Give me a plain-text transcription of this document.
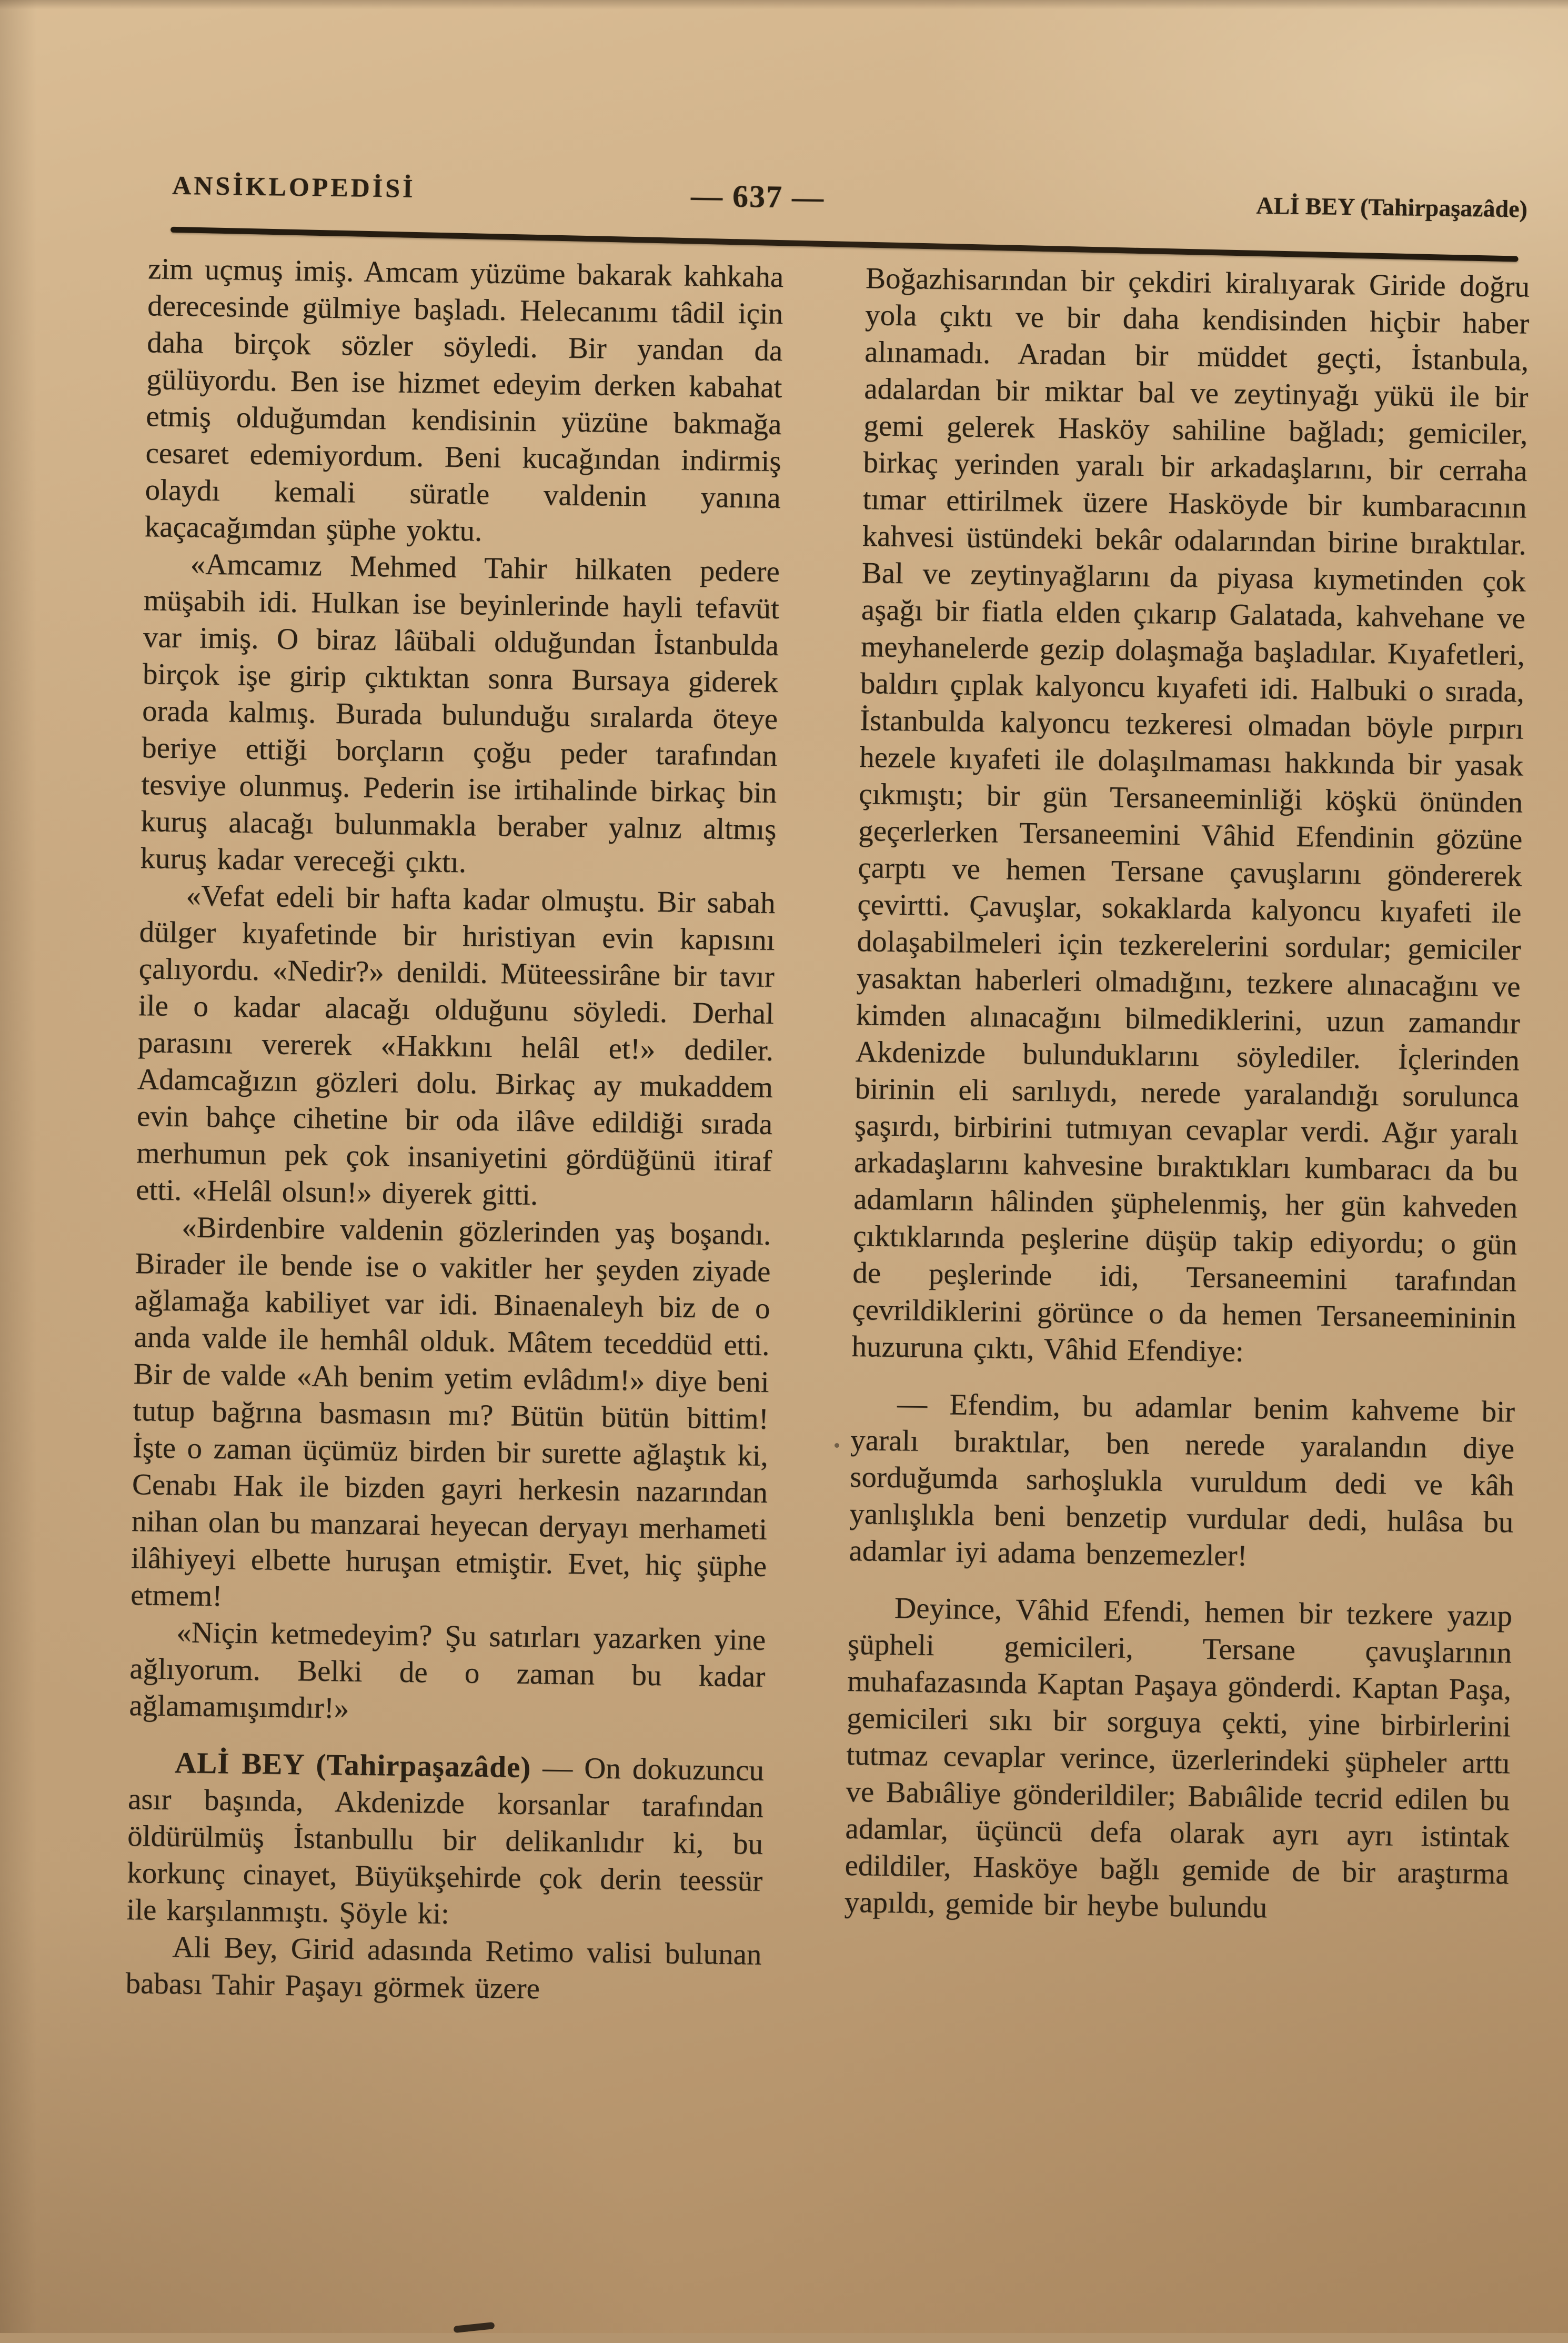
ANSİKLOPEDİSİ	— 637 —	ALİ BEY (Tahirpaşazâde)

zim uçmuş imiş. Amcam yüzüme bakarak kahkaha derecesinde gülmiye başladı. Helecanımı tâdil için daha birçok sözler söyledi. Bir yandan da gülüyordu. Ben ise hizmet edeyim derken kabahat etmiş olduğumdan kendisinin yüzüne bakmağa cesaret edemiyordum. Beni kucağından indirmiş olaydı kemali süratle valdenin yanına kaçacağımdan şüphe yoktu.

«Amcamız Mehmed Tahir hilkaten pedere müşabih idi. Hulkan ise beyinlerinde hayli tefavüt var imiş. O biraz lâübali olduğundan İstanbulda birçok işe girip çıktıktan sonra Bursaya giderek orada kalmış. Burada bulunduğu sıralarda öteye beriye ettiği borçların çoğu peder tarafından tesviye olunmuş. Pederin ise irtihalinde birkaç bin kuruş alacağı bulunmakla beraber yalnız altmış kuruş kadar vereceği çıktı.

«Vefat edeli bir hafta kadar olmuştu. Bir sabah dülger kıyafetinde bir hıristiyan evin kapısını çalıyordu. «Nedir?» denildi. Müteessirâne bir tavır ile o kadar alacağı olduğunu söyledi. Derhal parasını vererek «Hakkını helâl et!» dediler. Adamcağızın gözleri dolu. Birkaç ay mukaddem evin bahçe cihetine bir oda ilâve edildiği sırada merhumun pek çok insaniyetini gördüğünü itiraf etti. «Helâl olsun!» diyerek gitti.

«Birdenbire valdenin gözlerinden yaş boşandı. Birader ile bende ise o vakitler her şeyden ziyade ağlamağa kabiliyet var idi. Binaenaleyh biz de o anda valde ile hemhâl olduk. Mâtem teceddüd etti. Bir de valde «Ah benim yetim evlâdım!» diye beni tutup bağrına basmasın mı? Bütün bütün bittim! İşte o zaman üçümüz birden bir surette ağlaştık ki, Cenabı Hak ile bizden gayri herkesin nazarından nihan olan bu manzarai heyecan deryayı merhameti ilâhiyeyi elbette huruşan etmiştir. Evet, hiç şüphe etmem!

«Niçin ketmedeyim? Şu satırları yazarken yine ağlıyorum. Belki de o zaman bu kadar ağlamamışımdır!»

ALİ BEY (Tahirpaşazâde) — On dokuzuncu asır başında, Akdenizde korsanlar tarafından öldürülmüş İstanbullu bir delikanlıdır ki, bu korkunç cinayet, Büyükşehirde çok derin teessür ile karşılanmıştı. Şöyle ki:

Ali Bey, Girid adasında Retimo valisi bulunan babası Tahir Paşayı görmek üzere

Boğazhisarından bir çekdiri kiralıyarak Giride doğru yola çıktı ve bir daha kendisinden hiçbir haber alınamadı. Aradan bir müddet geçti, İstanbula, adalardan bir miktar bal ve zeytinyağı yükü ile bir gemi gelerek Hasköy sahiline bağladı; gemiciler, birkaç yerinden yaralı bir arkadaşlarını, bir cerraha tımar ettirilmek üzere Hasköyde bir kumbaracının kahvesi üstündeki bekâr odalarından birine bıraktılar. Bal ve zeytinyağlarını da piyasa kıymetinden çok aşağı bir fiatla elden çıkarıp Galatada, kahvehane ve meyhanelerde gezip dolaşmağa başladılar. Kıyafetleri, baldırı çıplak kalyoncu kıyafeti idi. Halbuki o sırada, İstanbulda kalyoncu tezkeresi olmadan böyle pırpırı hezele kıyafeti ile dolaşılmaması hakkında bir yasak çıkmıştı; bir gün Tersaneeminliği köşkü önünden geçerlerken Tersaneemini Vâhid Efendinin gözüne çarptı ve hemen Tersane çavuşlarını göndererek çevirtti. Çavuşlar, sokaklarda kalyoncu kıyafeti ile dolaşabilmeleri için tezkerelerini sordular; gemiciler yasaktan haberleri olmadığını, tezkere alınacağını ve kimden alınacağını bilmediklerini, uzun zamandır Akdenizde bulunduklarını söylediler. İçlerinden birinin eli sarılıydı, nerede yaralandığı sorulunca şaşırdı, birbirini tutmıyan cevaplar verdi. Ağır yaralı arkadaşlarını kahvesine bıraktıkları kumbaracı da bu adamların hâlinden şüphelenmiş, her gün kahveden çıktıklarında peşlerine düşüp takip ediyordu; o gün de peşlerinde idi, Tersaneemini tarafından çevrildiklerini görünce o da hemen Tersaneemininin huzuruna çıktı, Vâhid Efendiye:

— Efendim, bu adamlar benim kahveme bir yaralı bıraktılar, ben nerede yaralandın diye sorduğumda sarhoşlukla vuruldum dedi ve kâh yanlışlıkla beni benzetip vurdular dedi, hulâsa bu adamlar iyi adama benzemezler!

Deyince, Vâhid Efendi, hemen bir tezkere yazıp şüpheli gemicileri, Tersane çavuşlarının muhafazasında Kaptan Paşaya gönderdi. Kaptan Paşa, gemicileri sıkı bir sorguya çekti, yine birbirlerini tutmaz cevaplar verince, üzerlerindeki şüpheler arttı ve Babıâliye gönderildiler; Babıâlide tecrid edilen bu adamlar, üçüncü defa olarak ayrı ayrı istintak edildiler, Hasköye bağlı gemide de bir araştırma yapıldı, gemide bir heybe bulundu
